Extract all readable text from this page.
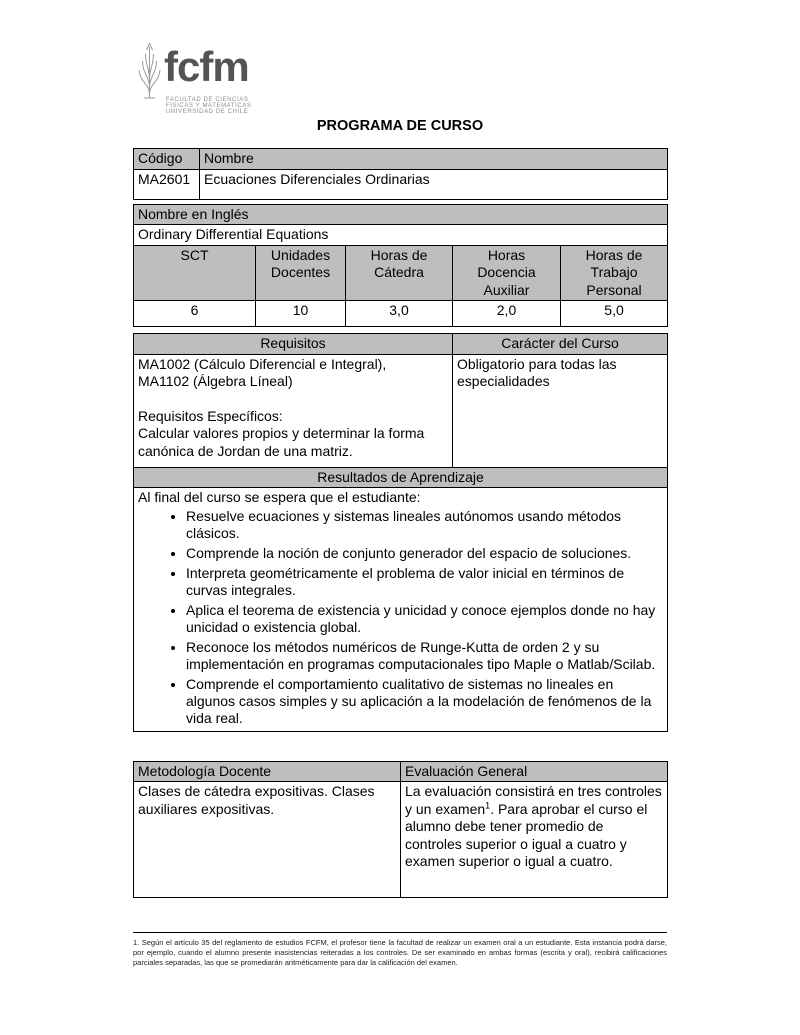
fcfm
FACULTAD DE CIENCIAS
FISICAS Y MATEMATICAS
UNIVERSIDAD DE CHILE
PROGRAMA DE CURSO
Código	Nombre
MA2601	Ecuaciones Diferenciales Ordinarias
Nombre en Inglés				
Ordinary Differential Equations				
SCT	Unidades Docentes	Horas de Cátedra	Horas Docencia Auxiliar	Horas de Trabajo Personal
6	10	3,0	2,0	5,0
Requisitos	Carácter del Curso

MA1002 (Cálculo Diferencial e Integral),
MA1102 (Álgebra Líneal)
Requisitos Específicos:
Calcular valores propios y determinar la forma canónica de Jordan de una matriz.	Obligatorio para todas las especialidades
Resultados de Aprendizaje	

Al final del curso se espera que el estudiante:
• Resuelve ecuaciones y sistemas lineales autónomos usando métodos clásicos.
• Comprende la noción de conjunto generador del espacio de soluciones.
• Interpreta geométricamente el problema de valor inicial en términos de curvas integrales.
• Aplica el teorema de existencia y unicidad y conoce ejemplos donde no hay unicidad o existencia global.
• Reconoce los métodos numéricos de Runge-Kutta de orden 2 y su implementación en programas computacionales tipo Maple o Matlab/Scilab.
• Comprende el comportamiento cualitativo de sistemas no lineales en algunos casos simples y su aplicación a la modelación de fenómenos de la vida real.
Metodología Docente	Evaluación General
Clases de cátedra expositivas. Clases auxiliares expositivas.	La evaluación consistirá en tres controles y un examen$^1$. Para aprobar el curso el alumno debe tener promedio de controles superior o igual a cuatro y examen superior o igual a cuatro.
1. Según el artículo 35 del reglamento de estudios FCFM, el profesor tiene la facultad de realizar un examen oral a un estudiante. Esta instancia podrá darse, por ejemplo, cuando el alumno presente inasistencias reiteradas a los controles. De ser examinado en ambas formas (escrita y oral), recibirá calificaciones parciales separadas, las que se promediarán aritméticamente para dar la calificación del examen.
